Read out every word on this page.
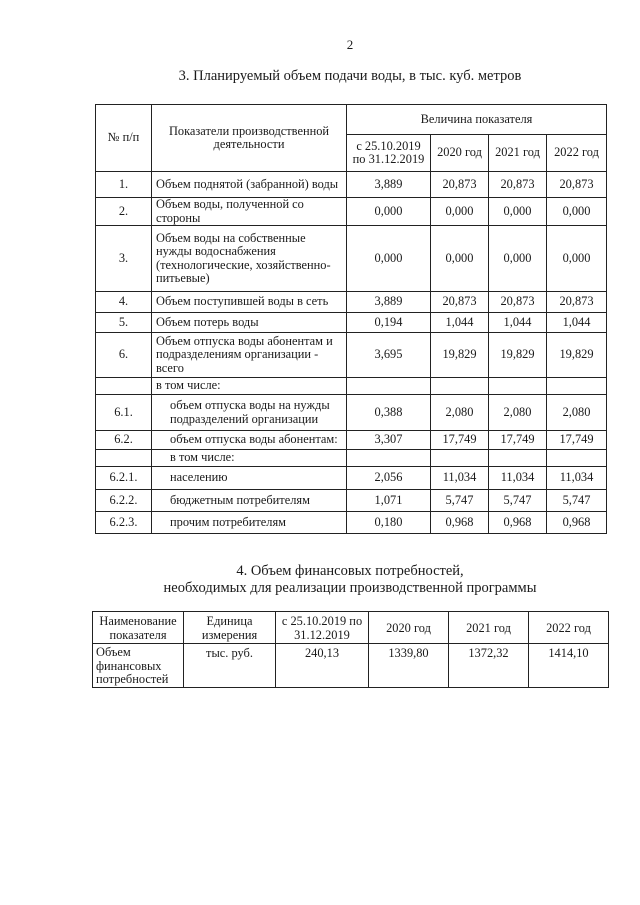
2
3. Планируемый объем подачи воды, в тыс. куб. метров
№ п/п	Показатели производственной деятельности	Величина показателя			
		с 25.10.2019 по 31.12.2019	2020 год	2021 год	2022 год
1.	Объем поднятой (забранной) воды	3,889	20,873	20,873	20,873
2.	Объем воды, полученной со стороны	0,000	0,000	0,000	0,000
3.	Объем воды на собственные нужды водоснабжения (технологические, хозяйственно-питьевые)	0,000	0,000	0,000	0,000
4.	Объем поступившей воды в сеть	3,889	20,873	20,873	20,873
5.	Объем потерь воды	0,194	1,044	1,044	1,044
6.	Объем отпуска воды абонентам и подразделениям организации - всего	3,695	19,829	19,829	19,829
	в том числе:				
6.1.	объем отпуска воды на нужды подразделений организации	0,388	2,080	2,080	2,080
6.2.	объем отпуска воды абонентам:	3,307	17,749	17,749	17,749
	в том числе:				
6.2.1.	населению	2,056	11,034	11,034	11,034
6.2.2.	бюджетным потребителям	1,071	5,747	5,747	5,747
6.2.3.	прочим потребителям	0,180	0,968	0,968	0,968
4. Объем финансовых потребностей,
необходимых для реализации производственной программы
Наименование показателя	Единица измерения	с 25.10.2019 по 31.12.2019	2020 год	2021 год	2022 год
Объем финансовых потребностей	тыс. руб.	240,13	1339,80	1372,32	1414,10
